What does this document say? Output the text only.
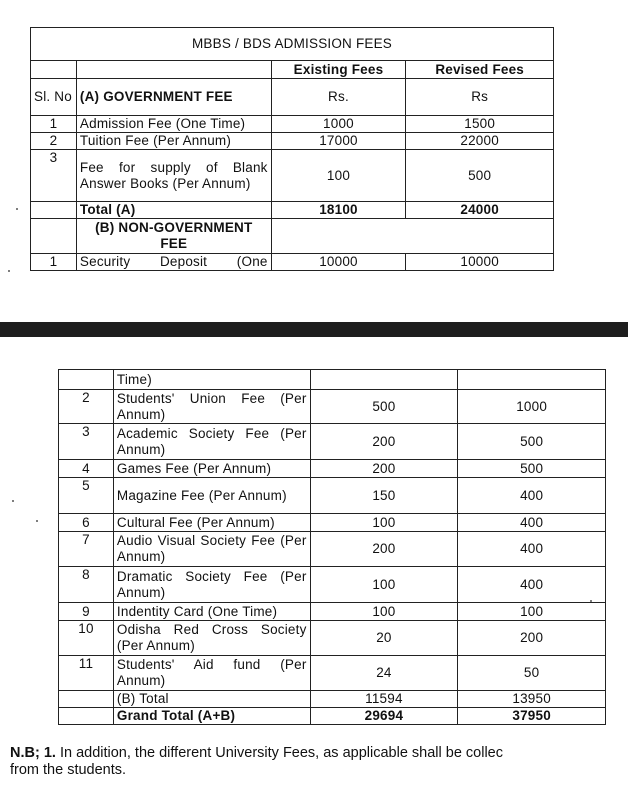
MBBS / BDS ADMISSION FEES			
		Existing Fees	Revised Fees
Sl. No	(A) GOVERNMENT FEE	Rs.	Rs
1	Admission Fee (One Time)	1000	1500
2	Tuition Fee (Per Annum)	17000	22000
3	Fee for supply of Blank Answer Books (Per Annum)	100	500
	Total (A)	18100	24000
	(B) NON-GOVERNMENT FEE		
1	Security Deposit (One	10000	10000
	Time)		
2	Students' Union Fee (Per Annum)	500	1000
3	Academic Society Fee (Per Annum)	200	500
4	Games Fee (Per Annum)	200	500
5	Magazine Fee (Per Annum)	150	400
6	Cultural Fee (Per Annum)	100	400
7	Audio Visual Society Fee (Per Annum)	200	400
8	Dramatic Society Fee (Per Annum)	100	400
9	Indentity Card (One Time)	100	100
10	Odisha Red Cross Society (Per Annum)	20	200
11	Students' Aid fund (Per Annum)	24	50
	(B) Total	11594	13950
	Grand Total (A+B)	29694	37950
N.B; 1. In addition, the different University Fees, as applicable shall be collec
from the students.
